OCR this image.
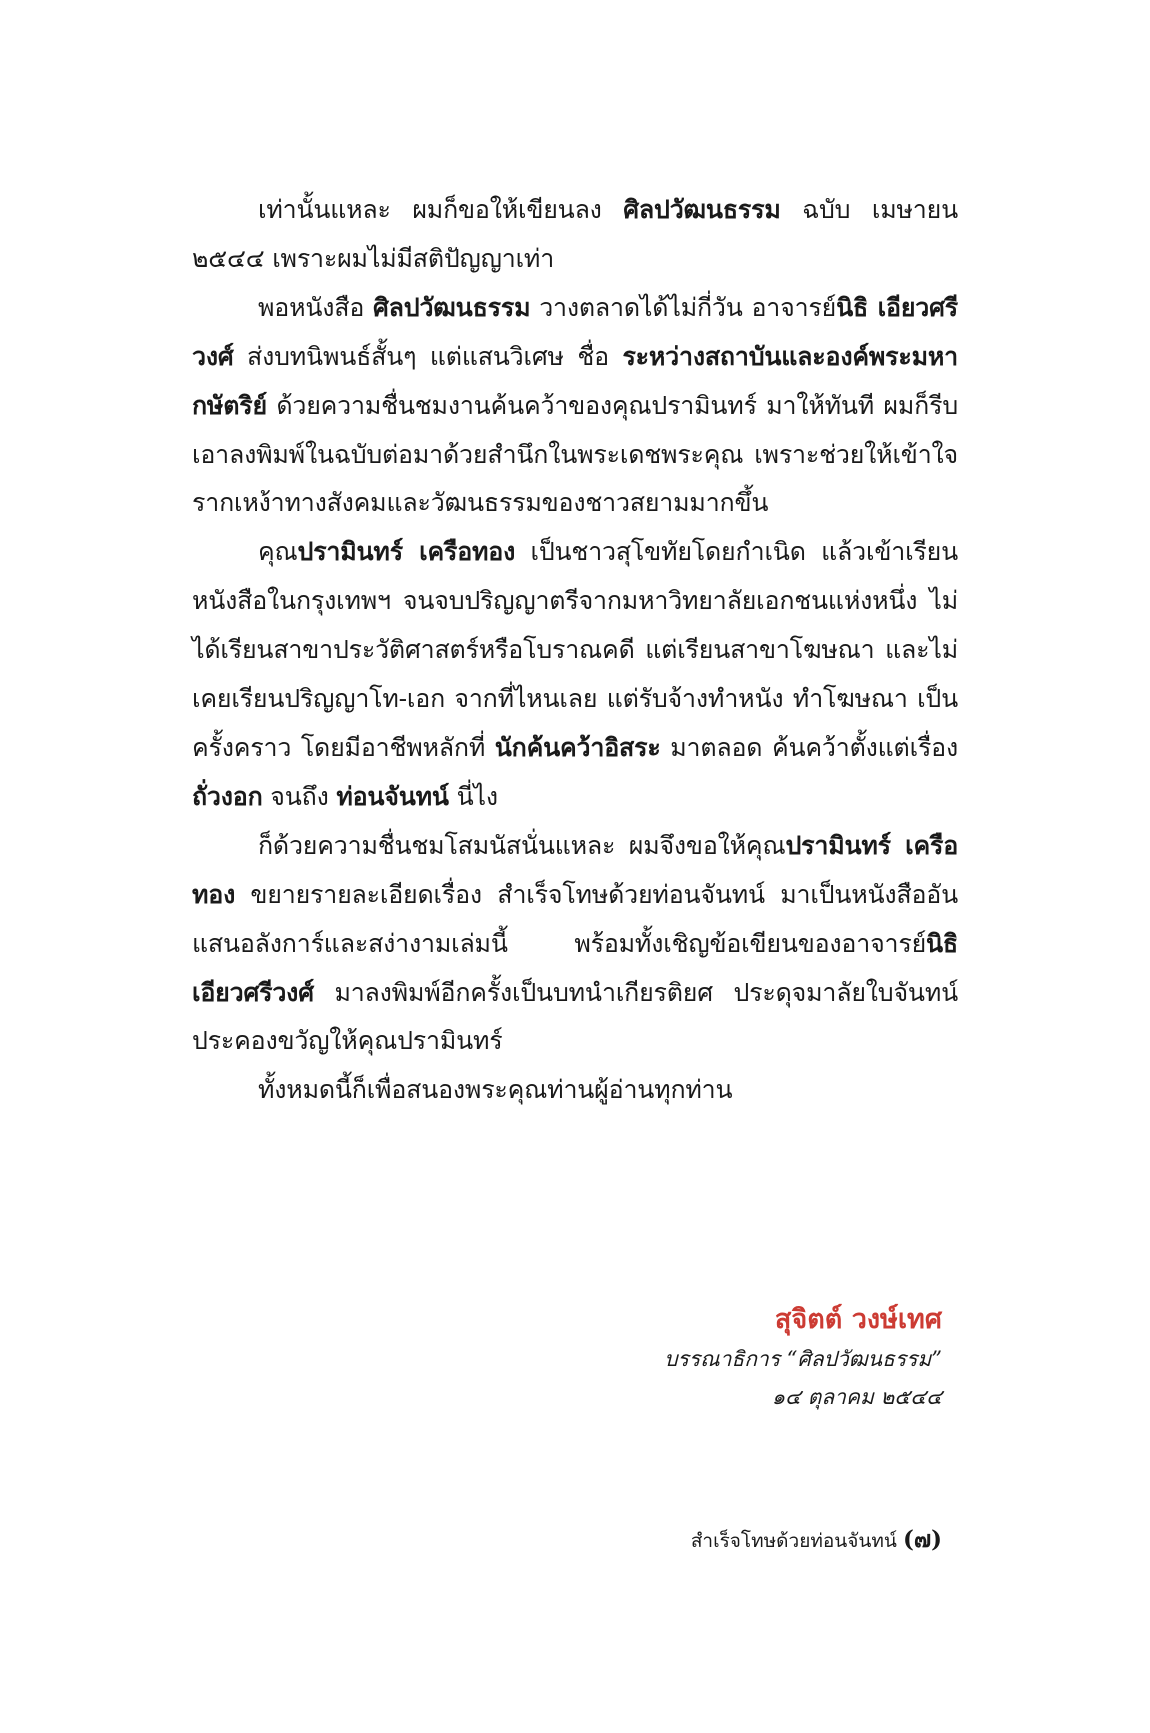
เท่านั้นแหละ ผมก็ขอให้เขียนลง ศิลปวัฒนธรรม ฉบับ เมษายน ๒๕๔๔ เพราะผมไม่มีสติปัญญาเท่า

พอหนังสือ ศิลปวัฒนธรรม วางตลาดได้ไม่กี่วัน อาจารย์นิธิ เอียวศรีวงศ์ ส่งบทนิพนธ์สั้นๆ แต่แสนวิเศษ ชื่อ ระหว่างสถาบันและองค์พระมหากษัตริย์ ด้วยความชื่นชมงานค้นคว้าของคุณปรามินทร์ มาให้ทันที ผมก็รีบเอาลงพิมพ์ในฉบับต่อมาด้วยสำนึกในพระเดชพระคุณ เพราะช่วยให้เข้าใจรากเหง้าทางสังคมและวัฒนธรรมของชาวสยามมากขึ้น

คุณปรามินทร์ เครือทอง เป็นชาวสุโขทัยโดยกำเนิด แล้วเข้าเรียนหนังสือในกรุงเทพฯ จนจบปริญญาตรีจากมหาวิทยาลัยเอกชนแห่งหนึ่ง ไม่ได้เรียนสาขาประวัติศาสตร์หรือโบราณคดี แต่เรียนสาขาโฆษณา และไม่เคยเรียนปริญญาโท-เอก จากที่ไหนเลย แต่รับจ้างทำหนัง ทำโฆษณา เป็นครั้งคราว โดยมีอาชีพหลักที่ นักค้นคว้าอิสระ มาตลอด ค้นคว้าตั้งแต่เรื่อง ถั่วงอก จนถึง ท่อนจันทน์ นี่ไง

ก็ด้วยความชื่นชมโสมนัสนั่นแหละ ผมจึงขอให้คุณปรามินทร์ เครือทอง ขยายรายละเอียดเรื่อง สำเร็จโทษด้วยท่อนจันทน์ มาเป็นหนังสืออันแสนอลังการ์และสง่างามเล่มนี้ พร้อมทั้งเชิญข้อเขียนของอาจารย์นิธิ เอียวศรีวงศ์ มาลงพิมพ์อีกครั้งเป็นบทนำเกียรติยศ ประดุจมาลัยใบจันทน์ ประคองขวัญให้คุณปรามินทร์

ทั้งหมดนี้ก็เพื่อสนองพระคุณท่านผู้อ่านทุกท่าน

สุจิตต์ วงษ์เทศ
บรรณาธิการ “ศิลปวัฒนธรรม”
๑๔ ตุลาคม ๒๕๔๔
สำเร็จโทษด้วยท่อนจันทน์ (๗)
